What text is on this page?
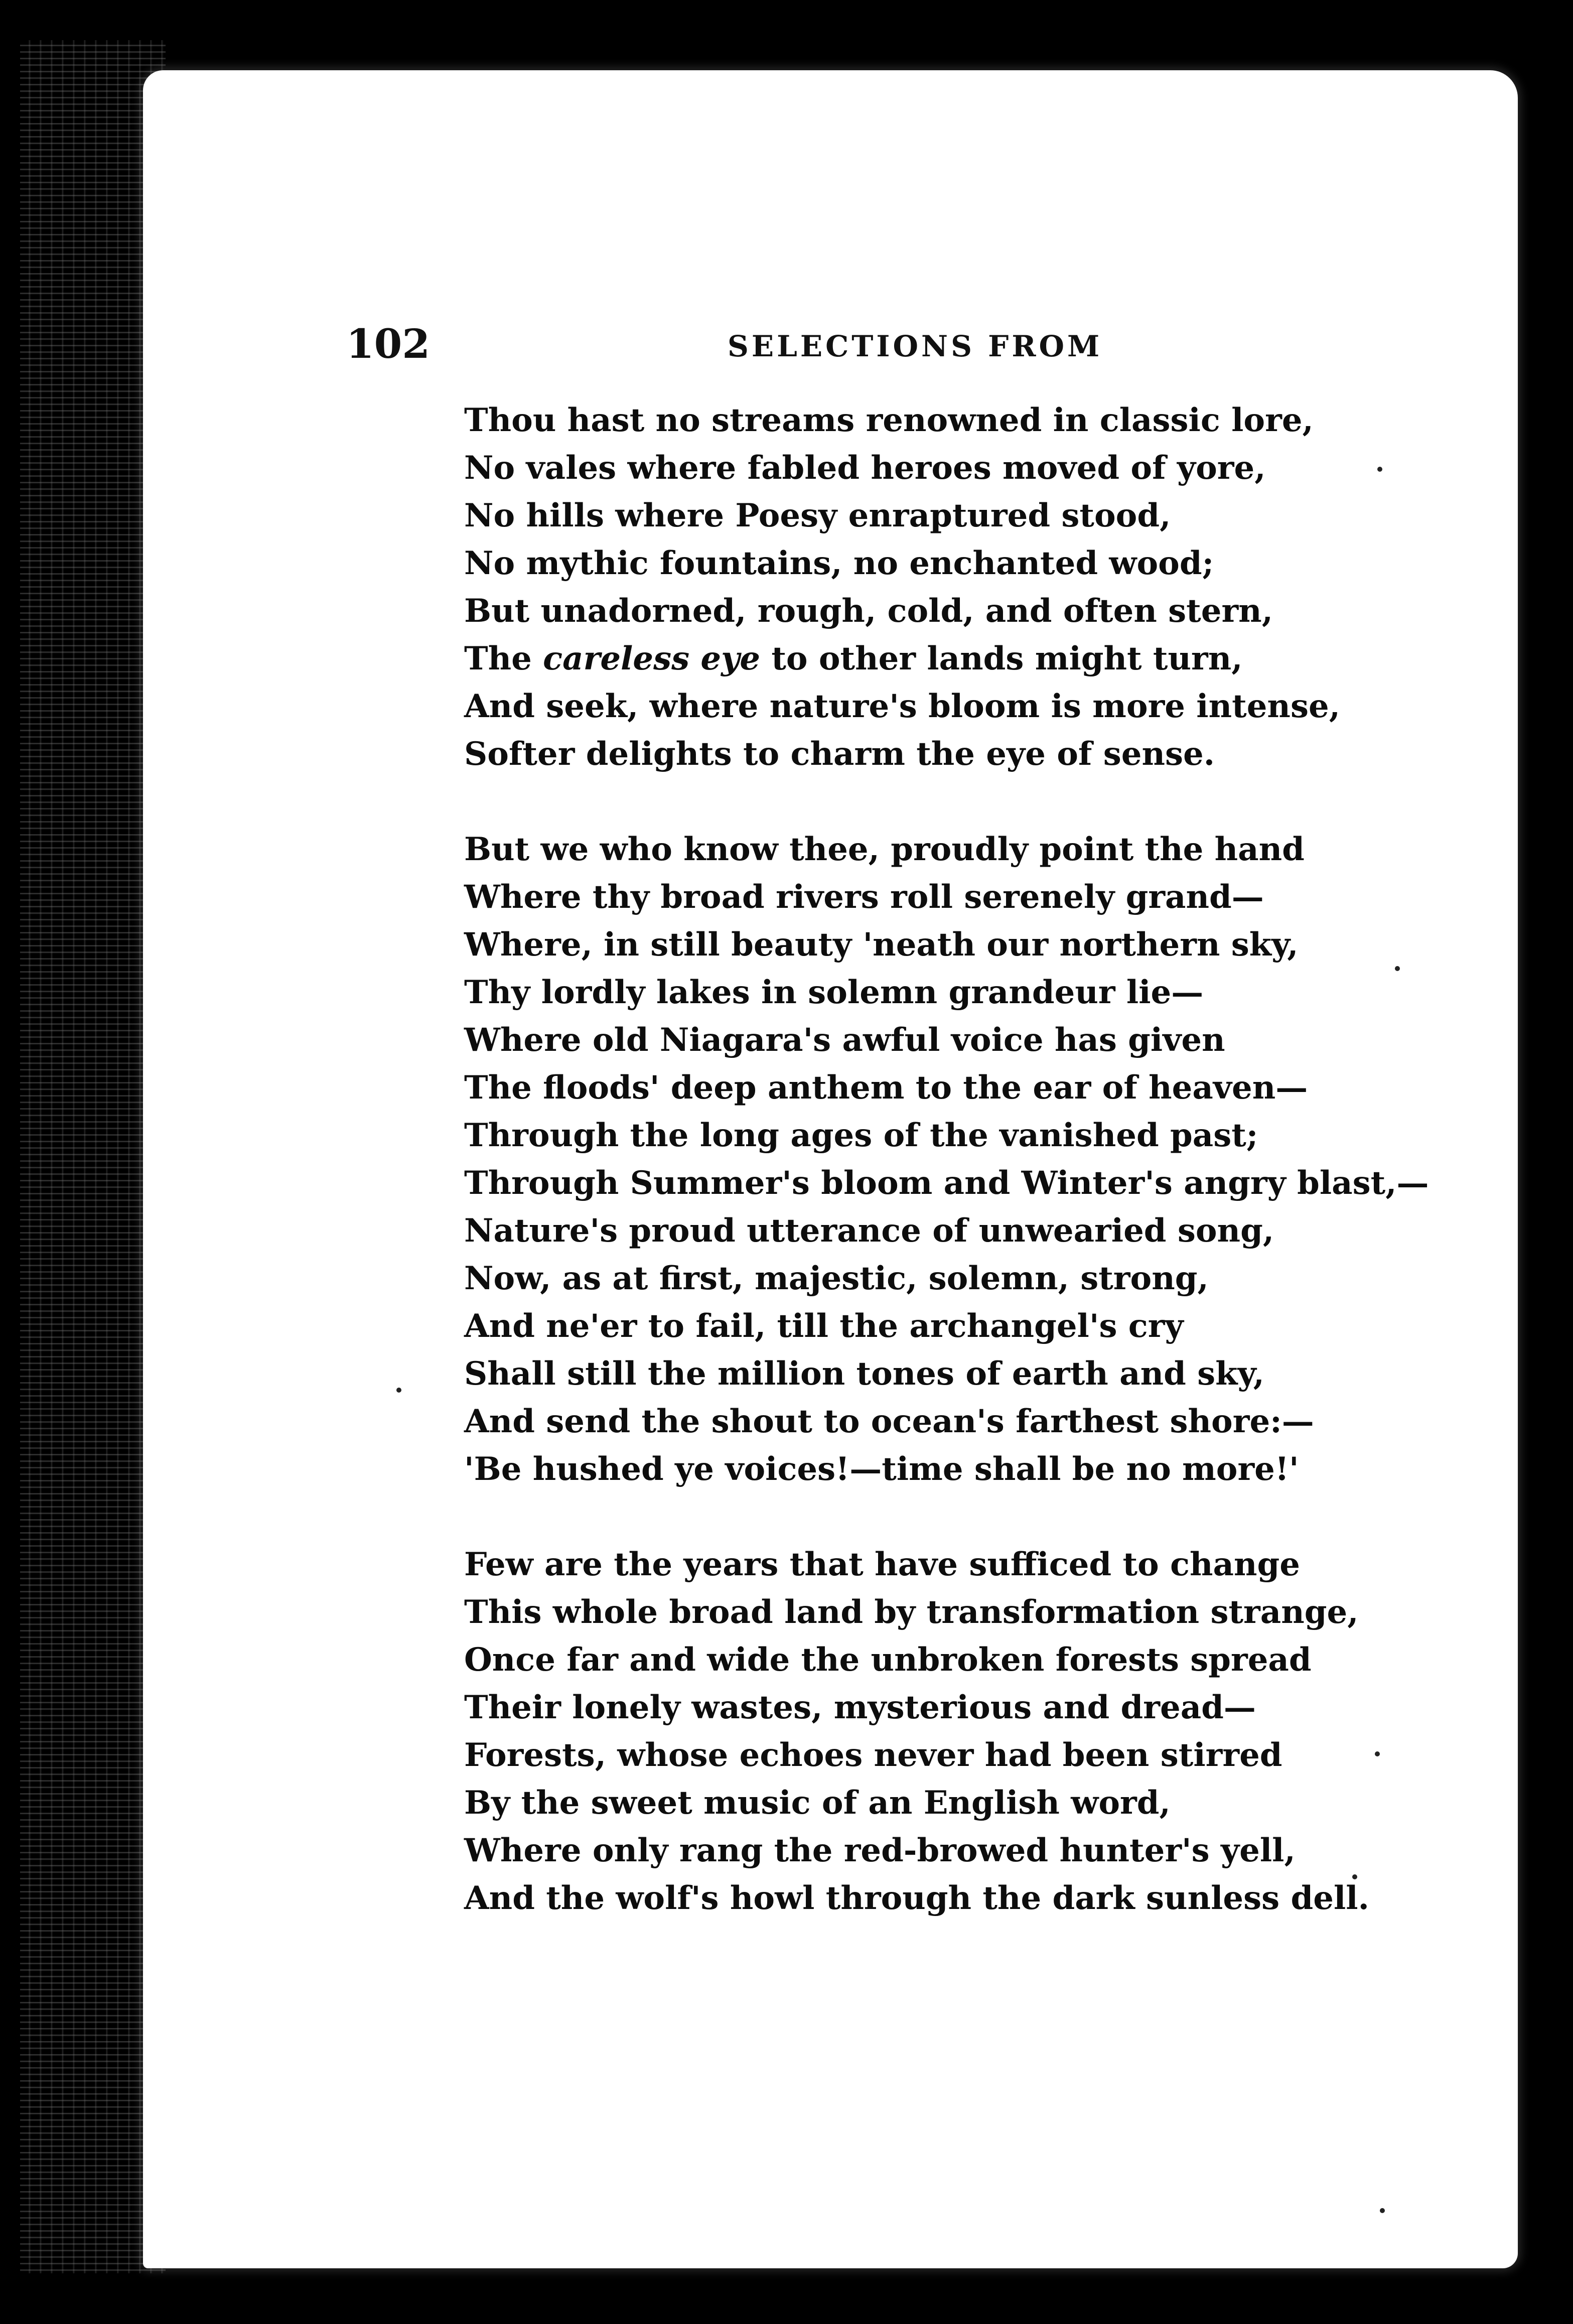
102	SELECTIONS FROM
Thou hast no streams renowned in classic lore,
No vales where fabled heroes moved of yore,
No hills where Poesy enraptured stood,
No mythic fountains, no enchanted wood;
But unadorned, rough, cold, and often stern,
The careless eye to other lands might turn,
And seek, where nature's bloom is more intense,
Softer delights to charm the eye of sense.
But we who know thee, proudly point the hand
Where thy broad rivers roll serenely grand—
Where, in still beauty 'neath our northern sky,
Thy lordly lakes in solemn grandeur lie—
Where old Niagara's awful voice has given
The floods' deep anthem to the ear of heaven—
Through the long ages of the vanished past;
Through Summer's bloom and Winter's angry blast,—
Nature's proud utterance of unwearied song,
Now, as at first, majestic, solemn, strong,
And ne'er to fail, till the archangel's cry
Shall still the million tones of earth and sky,
And send the shout to ocean's farthest shore:—
'Be hushed ye voices!—time shall be no more!'
Few are the years that have sufficed to change
This whole broad land by transformation strange,
Once far and wide the unbroken forests spread
Their lonely wastes, mysterious and dread—
Forests, whose echoes never had been stirred
By the sweet music of an English word,
Where only rang the red-browed hunter's yell,
And the wolf's howl through the dark sunless dell.
